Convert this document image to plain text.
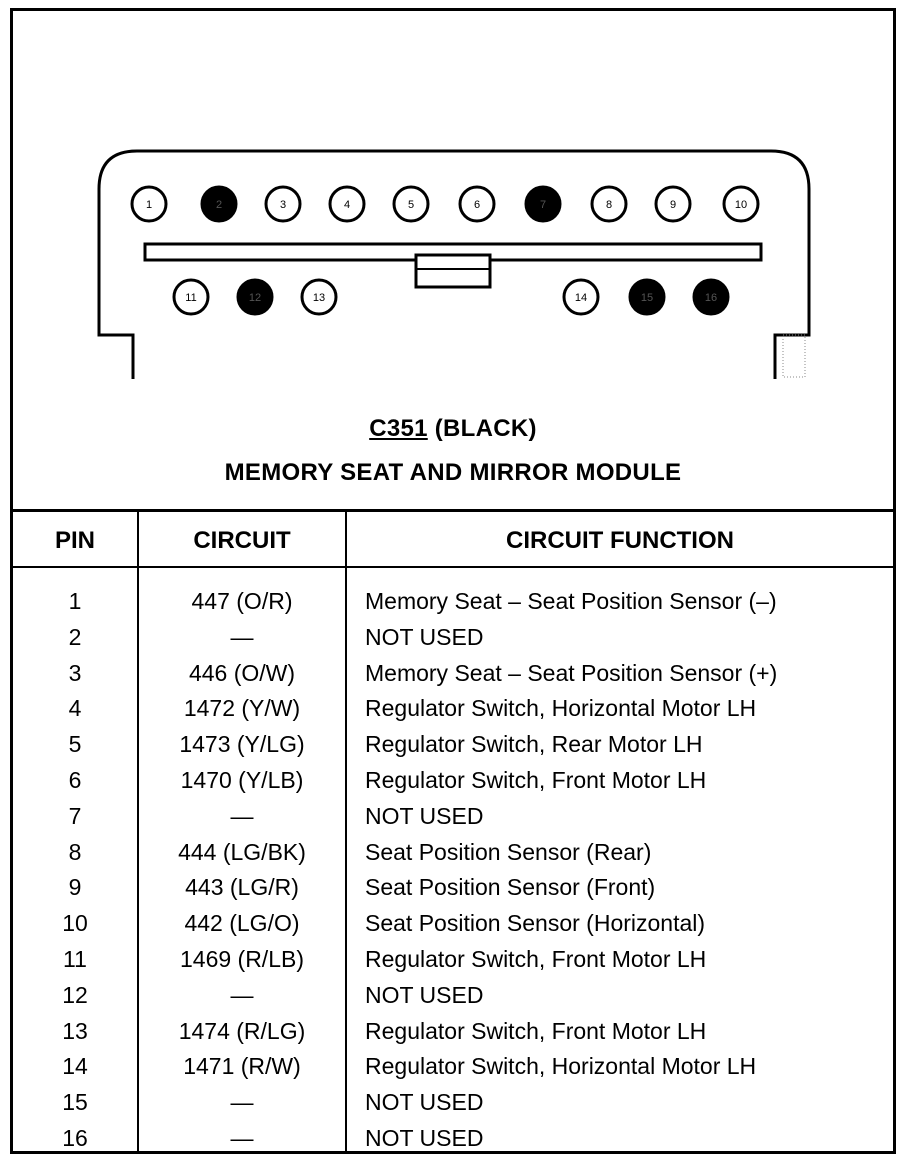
1	2	3	4	5	6	7	8	9	10
11	12	13	14	15	16
C351 (BLACK)
MEMORY SEAT AND MIRROR MODULE
PIN	CIRCUIT	CIRCUIT FUNCTION
1	447 (O/R)	Memory Seat – Seat Position Sensor (–)
2	—	NOT USED
3	446 (O/W)	Memory Seat – Seat Position Sensor (+)
4	1472 (Y/W)	Regulator Switch, Horizontal Motor LH
5	1473 (Y/LG)	Regulator Switch, Rear Motor LH
6	1470 (Y/LB)	Regulator Switch, Front Motor LH
7	—	NOT USED
8	444 (LG/BK)	Seat Position Sensor (Rear)
9	443 (LG/R)	Seat Position Sensor (Front)
10	442 (LG/O)	Seat Position Sensor (Horizontal)
11	1469 (R/LB)	Regulator Switch, Front Motor LH
12	—	NOT USED
13	1474 (R/LG)	Regulator Switch, Front Motor LH
14	1471 (R/W)	Regulator Switch, Horizontal Motor LH
15	—	NOT USED
16	—	NOT USED
